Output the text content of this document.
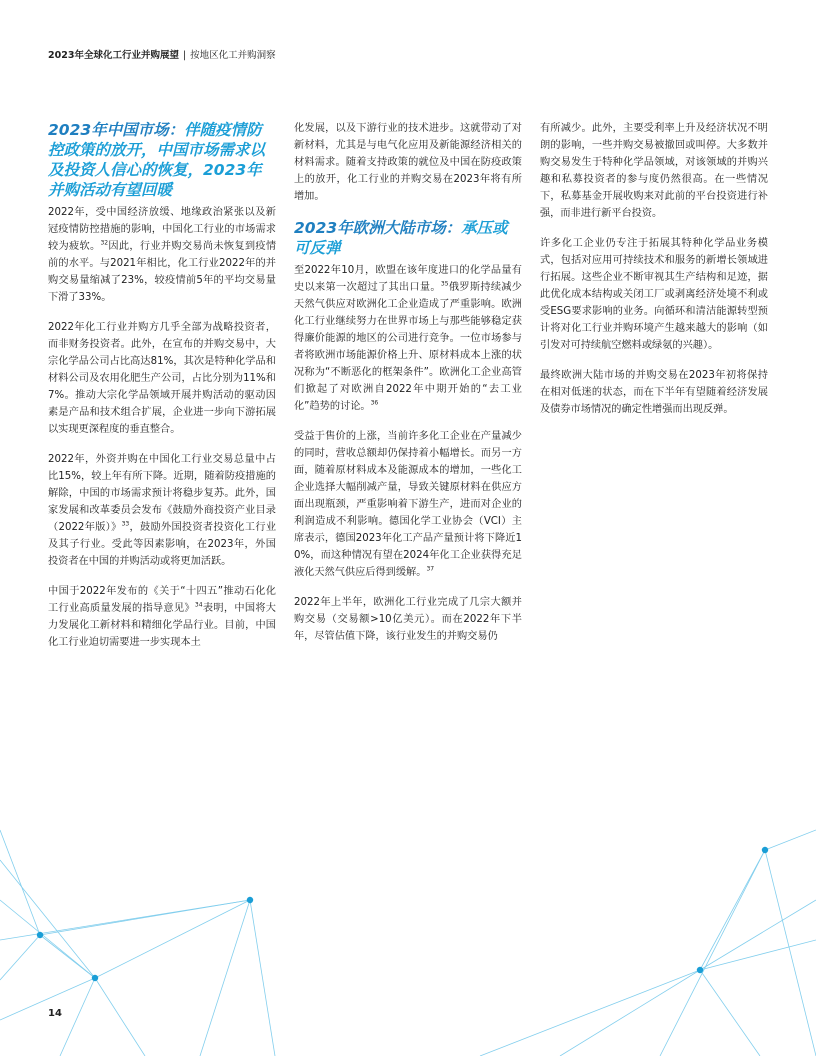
2023年全球化工行业并购展望 | 按地区化工并购洞察
2023年中国市场：伴随疫情防控政策的放开，中国市场需求以及投资人信心的恢复，2023年并购活动有望回暖

2022年，受中国经济放缓、地缘政治紧张以及新冠疫情防控措施的影响，中国化工行业的市场需求较为疲软。$^{32}$因此，行业并购交易尚未恢复到疫情前的水平。与2021年相比，化工行业2022年的并购交易量缩减了23%，较疫情前5年的平均交易量下滑了33%。

2022年化工行业并购方几乎全部为战略投资者，而非财务投资者。此外，在宣布的并购交易中，大宗化学品公司占比高达81%，其次是特种化学品和材料公司及农用化肥生产公司，占比分别为11%和7%。推动大宗化学品领域开展并购活动的驱动因素是产品和技术组合扩展，企业进一步向下游拓展以实现更深程度的垂直整合。

2022年，外资并购在中国化工行业交易总量中占比15%，较上年有所下降。近期，随着防疫措施的解除，中国的市场需求预计将稳步复苏。此外，国家发展和改革委员会发布《鼓励外商投资产业目录（2022年版）》$^{33}$，鼓励外国投资者投资化工行业及其子行业。受此等因素影响，在2023年，外国投资者在中国的并购活动或将更加活跃。

中国于2022年发布的《关于“十四五”推动石化化工行业高质量发展的指导意见》$^{34}$表明，中国将大力发展化工新材料和精细化学品行业。目前，中国化工行业迫切需要进一步实现本土

化发展，以及下游行业的技术进步。这就带动了对新材料，尤其是与电气化应用及新能源经济相关的材料需求。随着支持政策的就位及中国在防疫政策上的放开，化工行业的并购交易在2023年将有所增加。

2023年欧洲大陆市场：承压或可反弹

至2022年10月，欧盟在该年度进口的化学品量有史以来第一次超过了其出口量。$^{35}$俄罗斯持续减少天然气供应对欧洲化工企业造成了严重影响。欧洲化工行业继续努力在世界市场上与那些能够稳定获得廉价能源的地区的公司进行竞争。一位市场参与者将欧洲市场能源价格上升、原材料成本上涨的状况称为“不断恶化的框架条件”。欧洲化工企业高管们掀起了对欧洲自2022年中期开始的“去工业化”趋势的讨论。$^{36}$

受益于售价的上涨，当前许多化工企业在产量减少的同时，营收总额却仍保持着小幅增长。而另一方面，随着原材料成本及能源成本的增加，一些化工企业选择大幅削减产量，导致关键原材料在供应方面出现瓶颈，严重影响着下游生产，进而对企业的利润造成不利影响。德国化学工业协会（VCI）主席表示，德国2023年化工产品产量预计将下降近10%，而这种情况有望在2024年化工企业获得充足液化天然气供应后得到缓解。$^{37}$

2022年上半年，欧洲化工行业完成了几宗大额并购交易（交易额>10亿美元）。而在2022年下半年，尽管估值下降，该行业发生的并购交易仍

有所减少。此外，主要受利率上升及经济状况不明朗的影响，一些并购交易被撤回或叫停。大多数并购交易发生于特种化学品领域，对该领域的并购兴趣和私募投资者的参与度仍然很高。在一些情况下，私募基金开展收购来对此前的平台投资进行补强，而非进行新平台投资。

许多化工企业仍专注于拓展其特种化学品业务模式，包括对应用可持续技术和服务的新增长领域进行拓展。这些企业不断审视其生产结构和足迹，据此优化成本结构或关闭工厂或剥离经济处境不利或受ESG要求影响的业务。向循环和清洁能源转型预计将对化工行业并购环境产生越来越大的影响（如引发对可持续航空燃料或绿氨的兴趣）。

最终欧洲大陆市场的并购交易在2023年初将保持在相对低迷的状态，而在下半年有望随着经济发展及债券市场情况的确定性增强而出现反弹。

14
